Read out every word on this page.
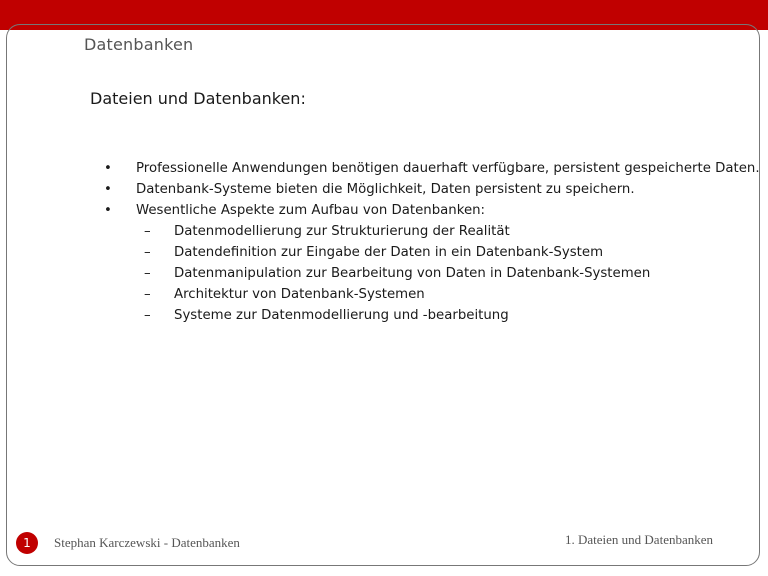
Datenbanken
Dateien und Datenbanken:
•	Professionelle Anwendungen benötigen dauerhaft verfügbare, persistent gespeicherte Daten.
•	Datenbank-Systeme bieten die Möglichkeit, Daten persistent zu speichern.
•	Wesentliche Aspekte zum Aufbau von Datenbanken:
– Datenmodellierung zur Strukturierung der Realität
– Datendefinition zur Eingabe der Daten in ein Datenbank-System
– Datenmanipulation zur Bearbeitung von Daten in Datenbank-Systemen
– Architektur von Datenbank-Systemen
– Systeme zur Datenmodellierung und -bearbeitung
1	Stephan Karczewski - Datenbanken	1. Dateien und Datenbanken
